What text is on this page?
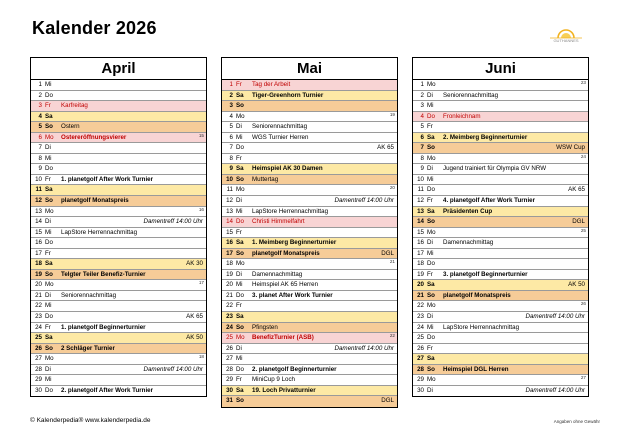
Kalender 2026
GUTHANNES
April
1 Mi
2 Do
3 Fr	Karfreitag
4 Sa
5 So	Ostern
6 Mo	Ostereröffnungsvierer	15
7 Di
8 Mi
9 Do
10 Fr	1. planetgolf After Work Turnier
11 Sa
12 So	planetgolf Monatspreis
13 Mo	16
14 Di	Damentreff 14:00 Uhr
15 Mi	LapStore Herrennachmittag
16 Do
17 Fr
18 Sa	AK 30
19 So	Telgter Teiler Benefiz-Turnier
20 Mo	17
21 Di	Seniorennachmittag
22 Mi
23 Do	AK 65
24 Fr	1. planetgolf Beginnerturnier
25 Sa	AK 50
26 So	2 Schläger Turnier
27 Mo	18
28 Di	Damentreff 14:00 Uhr
29 Mi
30 Do	2. planetgolf After Work Turnier
Mai
1 Fr	Tag der Arbeit
2 Sa	Tiger-Greenhorn Turnier
3 So
4 Mo	19
5 Di	Seniorennachmittag
6 Mi	WGS Turnier Herren
7 Do	AK 65
8 Fr
9 Sa	Heimspiel AK 30 Damen
10 So	Muttertag
11 Mo	20
12 Di	Damentreff 14:00 Uhr
13 Mi	LapStore Herrennachmittag
14 Do	Christi Himmelfahrt
15 Fr
16 Sa	1. Meimberg Beginnerturnier
17 So	planetgolf Monatspreis	DGL
18 Mo	21
19 Di	Damennachmittag
20 Mi	Heimspiel AK 65 Herren
21 Do	3. planet After Work Turnier
22 Fr
23 Sa
24 So	Pfingsten
25 Mo	BenefizTurnier (ASB)	22
26 Di	Damentreff 14:00 Uhr
27 Mi
28 Do	2. planetgolf Beginnerturnier
29 Fr	MiniCup 9 Loch
30 Sa	19. Loch Privatturnier
31 So	DGL
Juni
1 Mo	23
2 Di	Seniorennachmittag
3 Mi
4 Do	Fronleichnam
5 Fr
6 Sa	2. Meimberg Beginnerturnier
7 So	WSW Cup
8 Mo	24
9 Di	Jugend trainiert für Olympia GV NRW
10 Mi
11 Do	AK 65
12 Fr	4. planetgolf After Work Turnier
13 Sa	Präsidenten Cup
14 So	DGL
15 Mo	25
16 Di	Damennachmittag
17 Mi
18 Do
19 Fr	3. planetgolf Beginnerturnier
20 Sa	AK 50
21 So	planetgolf Monatspreis
22 Mo	26
23 Di	Damentreff 14:00 Uhr
24 Mi	LapStore Herrennachmittag
25 Do
26 Fr
27 Sa
28 So	Heimspiel DGL Herren
29 Mo	27
30 Di	Damentreff 14:00 Uhr
© Kalenderpedia® www.kalenderpedia.de	Angaben ohne Gewähr
